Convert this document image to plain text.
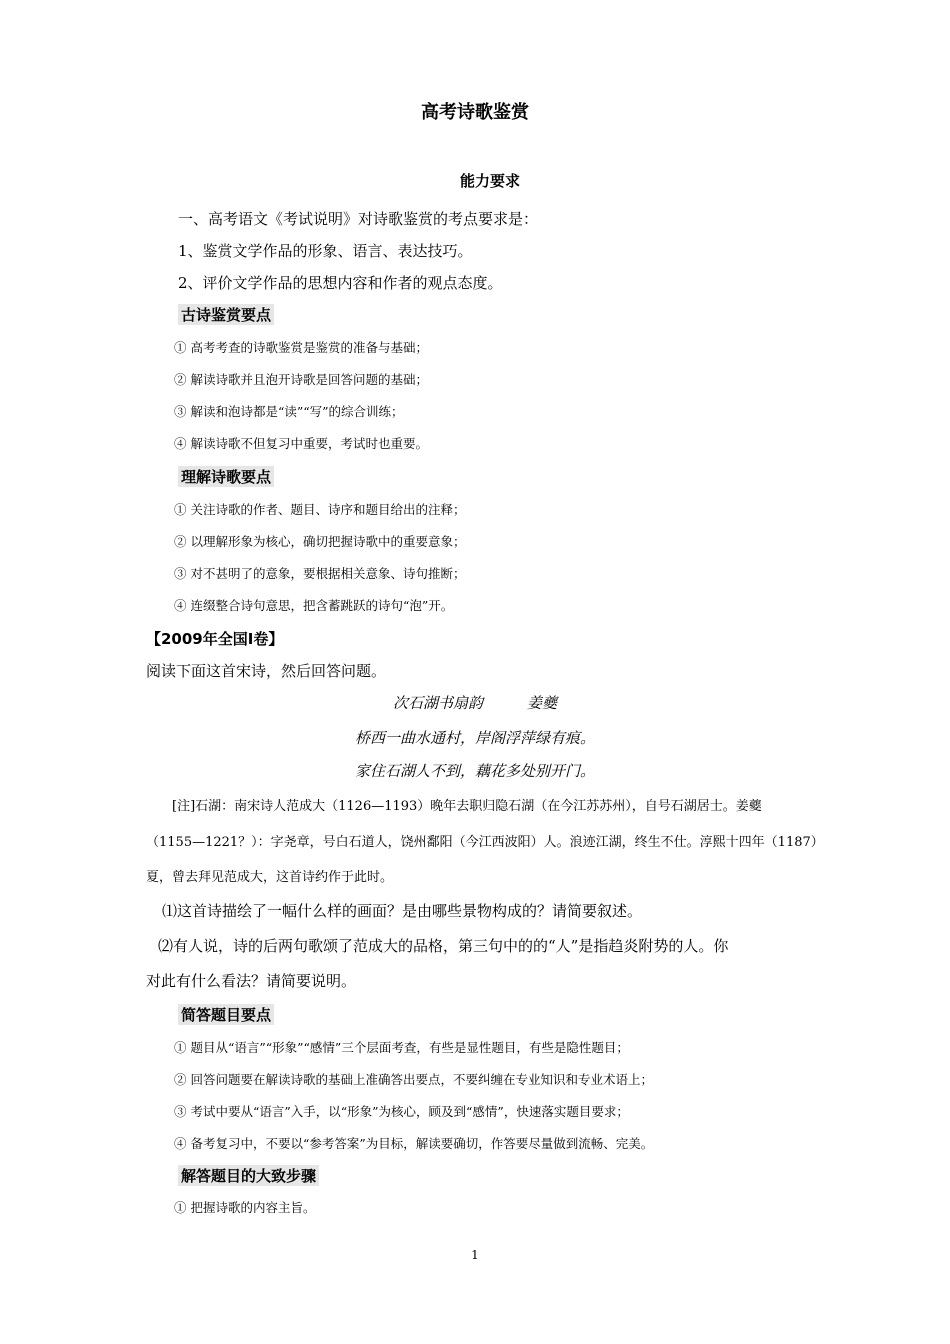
高考诗歌鉴赏
能力要求
一、高考语文《考试说明》对诗歌鉴赏的考点要求是：
1、鉴赏文学作品的形象、语言、表达技巧。
2、评价文学作品的思想内容和作者的观点态度。
古诗鉴赏要点
① 高考考查的诗歌鉴赏是鉴赏的准备与基础；
② 解读诗歌并且泡开诗歌是回答问题的基础；
③ 解读和泡诗都是“读”“写”的综合训练；
④ 解读诗歌不但复习中重要，考试时也重要。
理解诗歌要点
① 关注诗歌的作者、题目、诗序和题目给出的注释；
② 以理解形象为核心，确切把握诗歌中的重要意象；
③ 对不甚明了的意象，要根据相关意象、诗句推断；
④ 连缀整合诗句意思，把含蓄跳跃的诗句“泡”开。
【2009年全国Ⅰ卷】
阅读下面这首宋诗，然后回答问题。
次石湖书扇韵	姜夔
桥西一曲水通村，岸阁浮萍绿有痕。
家住石湖人不到，藕花多处别开门。
[注]石湖：南宋诗人范成大（1126—1193）晚年去职归隐石湖（在今江苏苏州），自号石湖居士。姜夔
（1155—1221？）：字尧章，号白石道人，饶州鄱阳（今江西波阳）人。浪迹江湖，终生不仕。淳熙十四年（1187）
夏，曾去拜见范成大，这首诗约作于此时。
⑴这首诗描绘了一幅什么样的画面？是由哪些景物构成的？请简要叙述。
⑵有人说，诗的后两句歌颂了范成大的品格，第三句中的的“人”是指趋炎附势的人。你
对此有什么看法？请简要说明。
简答题目要点
① 题目从“语言”“形象”“感情”三个层面考查，有些是显性题目，有些是隐性题目；
② 回答问题要在解读诗歌的基础上准确答出要点，不要纠缠在专业知识和专业术语上；
③ 考试中要从“语言”入手，以“形象”为核心，顾及到“感情”，快速落实题目要求；
④ 备考复习中，不要以“参考答案”为目标，解读要确切，作答要尽量做到流畅、完美。
解答题目的大致步骤
① 把握诗歌的内容主旨。
1
